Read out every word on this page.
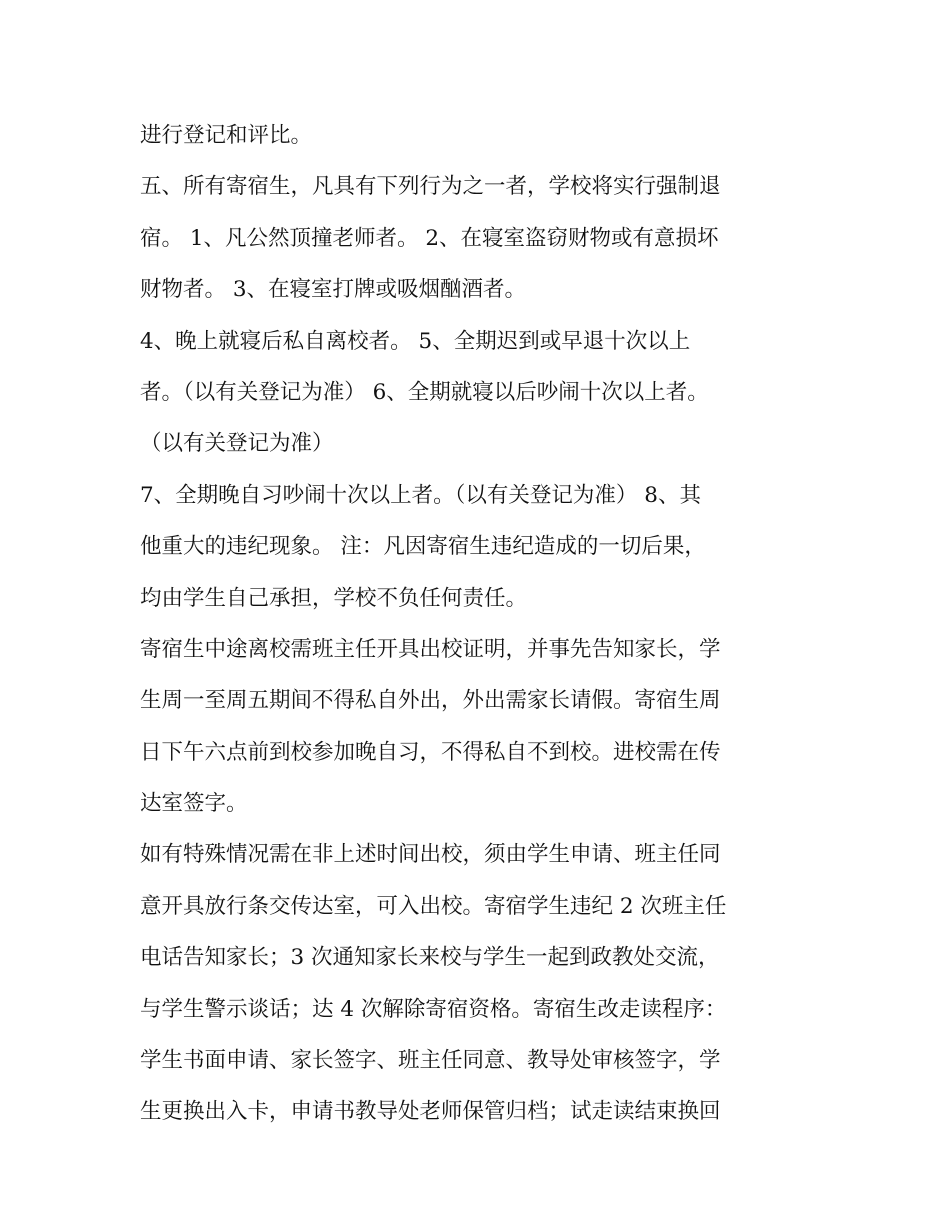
进行登记和评比。
五、所有寄宿生，凡具有下列行为之一者，学校将实行强制退
宿。 1、凡公然顶撞老师者。 2、在寝室盗窃财物或有意损坏
财物者。 3、在寝室打牌或吸烟酗酒者。
4、晚上就寝后私自离校者。 5、全期迟到或早退十次以上
者。（以有关登记为准） 6、全期就寝以后吵闹十次以上者。
（以有关登记为准）
7、全期晚自习吵闹十次以上者。（以有关登记为准） 8、其
他重大的违纪现象。 注：凡因寄宿生违纪造成的一切后果，
均由学生自己承担，学校不负任何责任。
寄宿生中途离校需班主任开具出校证明，并事先告知家长，学
生周一至周五期间不得私自外出，外出需家长请假。寄宿生周
日下午六点前到校参加晚自习，不得私自不到校。进校需在传
达室签字。
如有特殊情况需在非上述时间出校，须由学生申请、班主任同
意开具放行条交传达室，可入出校。寄宿学生违纪 2 次班主任
电话告知家长；3 次通知家长来校与学生一起到政教处交流，
与学生警示谈话；达 4 次解除寄宿资格。寄宿生改走读程序：
学生书面申请、家长签字、班主任同意、教导处审核签字，学
生更换出入卡，申请书教导处老师保管归档；试走读结束换回
